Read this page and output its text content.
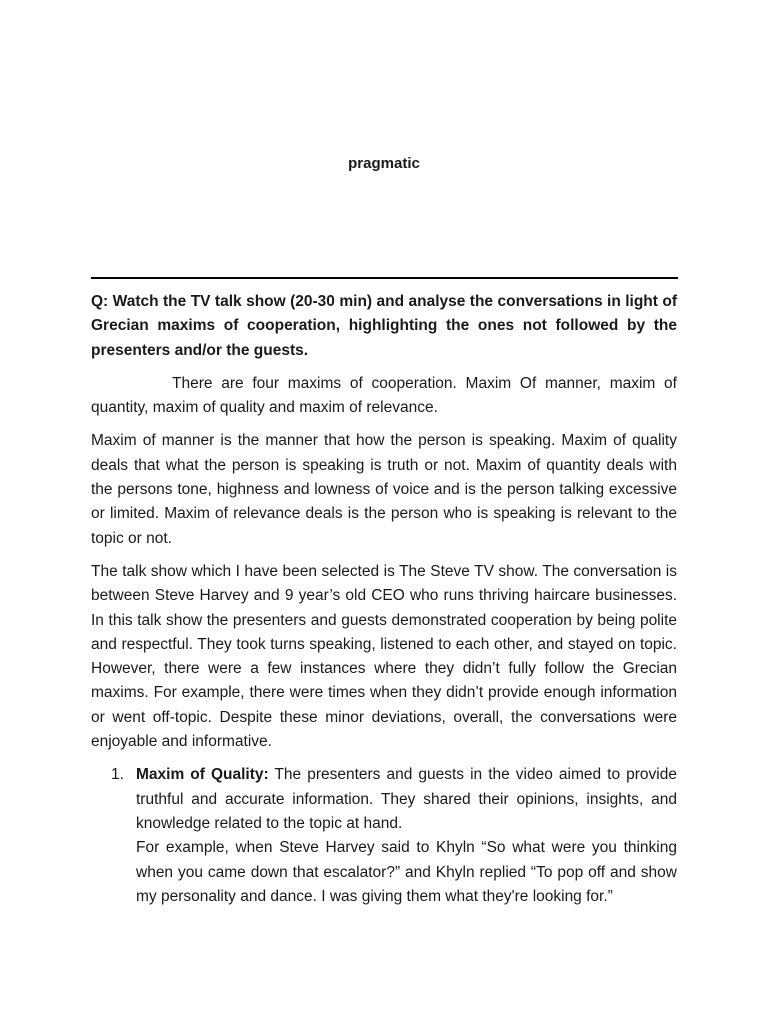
pragmatic

Q: Watch the TV talk show (20-30 min) and analyse the conversations in light of Grecian maxims of cooperation, highlighting the ones not followed by the presenters and/or the guests.

There are four maxims of cooperation. Maxim Of manner, maxim of quantity, maxim of quality and maxim of relevance.

Maxim of manner is the manner that how the person is speaking. Maxim of quality deals that what the person is speaking is truth or not. Maxim of quantity deals with the persons tone, highness and lowness of voice and is the person talking excessive or limited. Maxim of relevance deals is the person who is speaking is relevant to the topic or not.

The talk show which I have been selected is The Steve TV show. The conversation is between Steve Harvey and 9 year’s old CEO who runs thriving haircare businesses. In this talk show the presenters and guests demonstrated cooperation by being polite and respectful. They took turns speaking, listened to each other, and stayed on topic. However, there were a few instances where they didn’t fully follow the Grecian maxims. For example, there were times when they didn’t provide enough information or went off-topic. Despite these minor deviations, overall, the conversations were enjoyable and informative.

1. Maxim of Quality: The presenters and guests in the video aimed to provide truthful and accurate information. They shared their opinions, insights, and knowledge related to the topic at hand.

For example, when Steve Harvey said to Khyln “So what were you thinking when you came down that escalator?” and Khyln replied “To pop off and show my personality and dance. I was giving them what they're looking for.”
